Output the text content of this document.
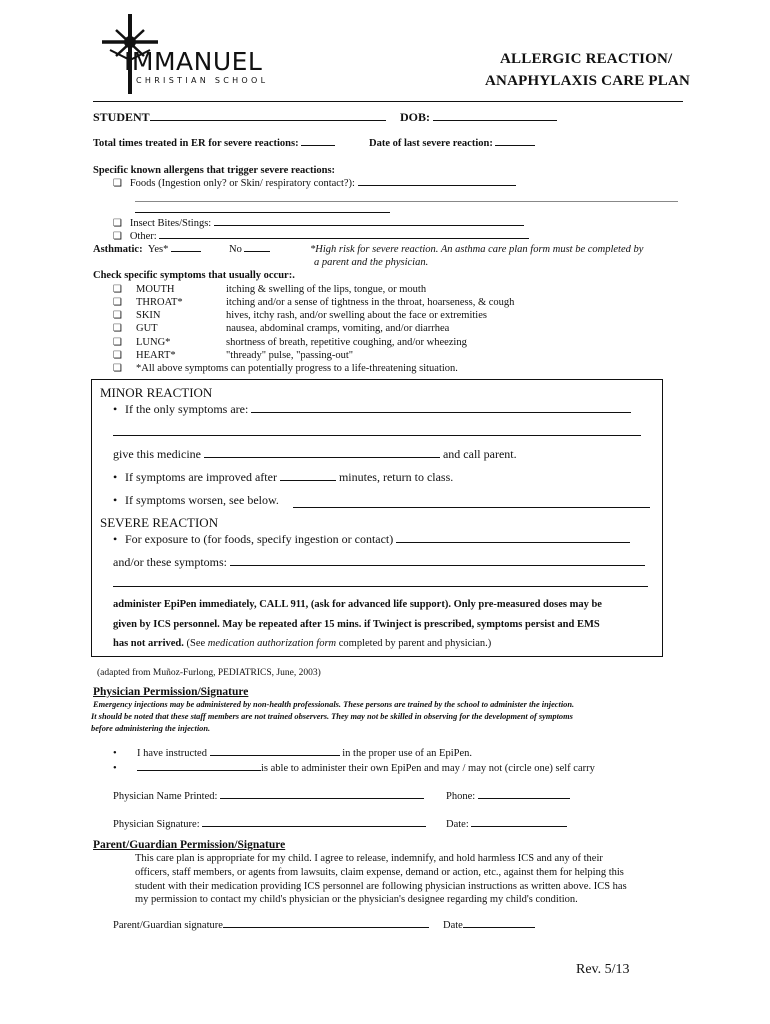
IMMANUEL
CHRISTIAN SCHOOL
ALLERGIC REACTION/
ANAPHYLAXIS CARE PLAN
STUDENT	DOB:
Total times treated in ER for severe reactions:	Date of last severe reaction:
Specific known allergens that trigger severe reactions:
❏ Foods (Ingestion only? or Skin/ respiratory contact?):
❏ Insect Bites/Stings:
❏ Other:
Asthmatic: Yes*	No	*High risk for severe reaction. An asthma care plan form must be completed by
a parent and the physician.
Check specific symptoms that usually occur:.
❏ MOUTH	itching & swelling of the lips, tongue, or mouth
❏ THROAT*	itching and/or a sense of tightness in the throat, hoarseness, & cough
❏ SKIN	hives, itchy rash, and/or swelling about the face or extremities
❏ GUT	nausea, abdominal cramps, vomiting, and/or diarrhea
❏ LUNG*	shortness of breath, repetitive coughing, and/or wheezing
❏ HEART*	"thready" pulse, "passing-out"
❏ *All above symptoms can potentially progress to a life-threatening situation.
MINOR REACTION
• If the only symptoms are:
give this medicine	and call parent.
• If symptoms are improved after	minutes, return to class.
• If symptoms worsen, see below.
SEVERE REACTION
• For exposure to (for foods, specify ingestion or contact)
and/or these symptoms:
administer EpiPen immediately, CALL 911, (ask for advanced life support). Only pre-measured doses may be
given by ICS personnel. May be repeated after 15 mins. if Twinject is prescribed, symptoms persist and EMS
has not arrived. (See medication authorization form completed by parent and physician.)
(adapted from Muñoz-Furlong, PEDIATRICS, June, 2003)
Physician Permission/Signature
Emergency injections may be administered by non-health professionals. These persons are trained by the school to administer the injection.
It should be noted that these staff members are not trained observers. They may not be skilled in observing for the development of symptoms
before administering the injection.
• I have instructed	in the proper use of an EpiPen.
•	is able to administer their own EpiPen and may / may not (circle one) self carry
Physician Name Printed:	Phone:
Physician Signature:	Date:
Parent/Guardian Permission/Signature
This care plan is appropriate for my child. I agree to release, indemnify, and hold harmless ICS and any of their
officers, staff members, or agents from lawsuits, claim expense, demand or action, etc., against them for helping this
student with their medication providing ICS personnel are following physician instructions as written above. ICS has
my permission to contact my child's physician or the physician's designee regarding my child's condition.
Parent/Guardian signature	Date
Rev. 5/13
